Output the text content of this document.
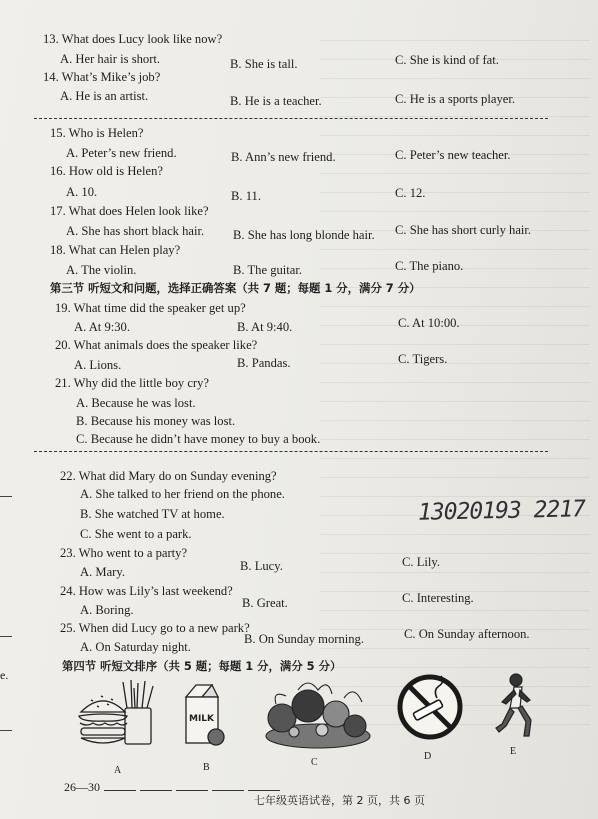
13. What does Lucy look like now?
A. Her hair is short.	B. She is tall.	C. She is kind of fat.
14. What’s Mike’s job?
A. He is an artist.	B. He is a teacher.	C. He is a sports player.
15. Who is Helen?
A. Peter’s new friend.	B. Ann’s new friend.	C. Peter’s new teacher.
16. How old is Helen?
A. 10.	B. 11.	C. 12.
17. What does Helen look like?
A. She has short black hair. B. She has long blonde hair. C. She has short curly hair.
18. What can Helen play?
A. The violin.	B. The guitar.	C. The piano.
第三节 听短文和问题，选择正确答案（共 7 题；每题 1 分，满分 7 分）
19. What time did the speaker get up?
A. At 9:30.	B. At 9:40.	C. At 10:00.
20. What animals does the speaker like?
A. Lions.	B. Pandas.	C. Tigers.
21. Why did the little boy cry?
A. Because he was lost.
B. Because his money was lost.
C. Because he didn’t have money to buy a book.
22. What did Mary do on Sunday evening?
A. She talked to her friend on the phone.
B. She watched TV at home.
C. She went to a park.
23. Who went to a party?
A. Mary.	B. Lucy.	C. Lily.
24. How was Lily’s last weekend?
A. Boring.	B. Great.	C. Interesting.
25. When did Lucy go to a new park?
A. On Saturday night.
B. On Sunday morning.	C. On Sunday afternoon.
第四节 听短文排序（共 5 题；每题 1 分，满分 5 分）
13020193 2217
MILK
A	B	C
D	E
26—30
七年级英语试卷，第 2 页，共 6 页
e.
